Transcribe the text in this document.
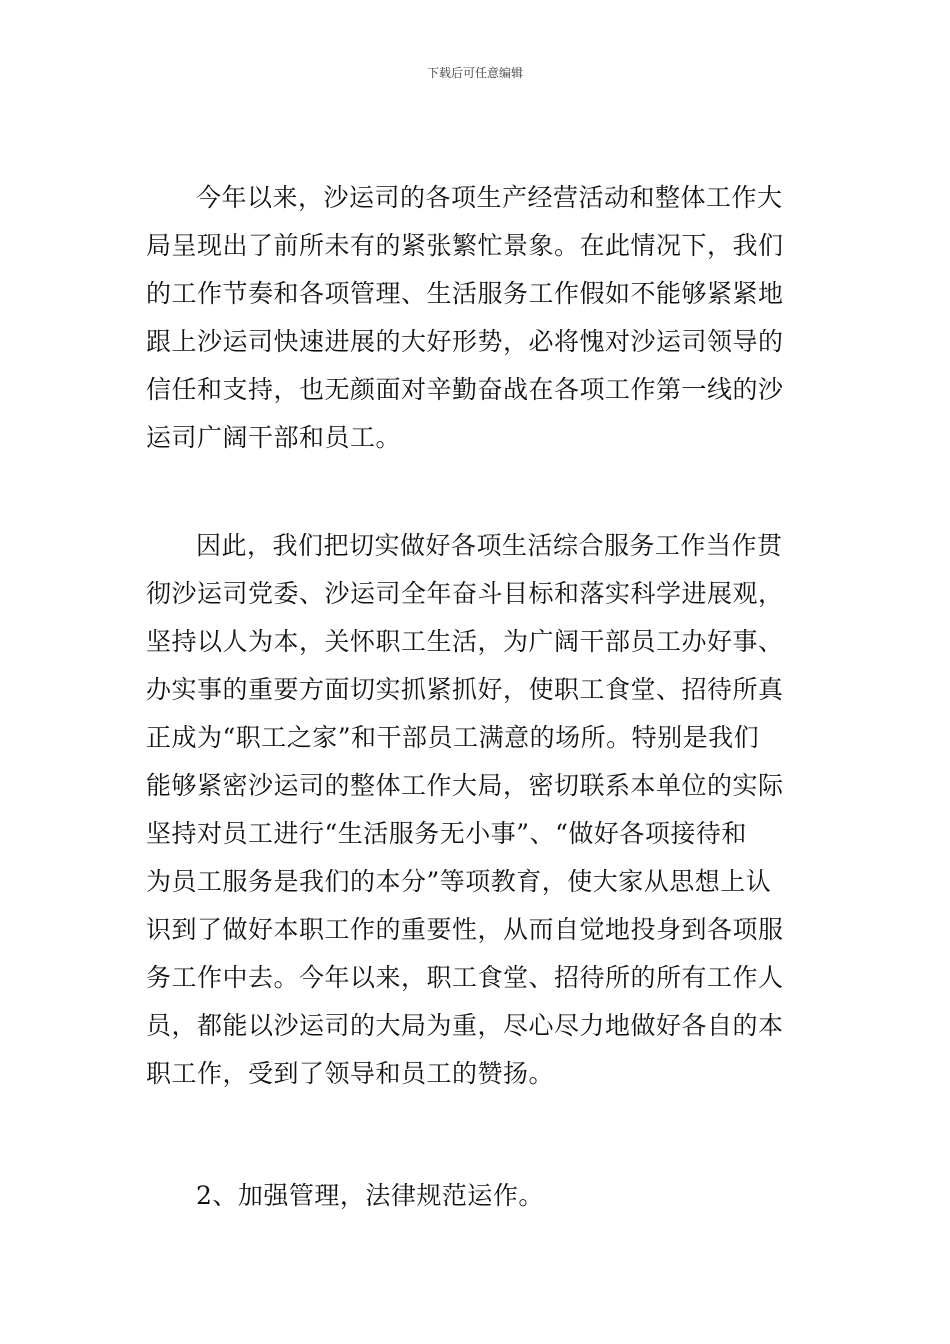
下载后可任意编辑
今年以来，沙运司的各项生产经营活动和整体工作大
局呈现出了前所未有的紧张繁忙景象。在此情况下，我们
的工作节奏和各项管理、生活服务工作假如不能够紧紧地
跟上沙运司快速进展的大好形势，必将愧对沙运司领导的
信任和支持，也无颜面对辛勤奋战在各项工作第一线的沙
运司广阔干部和员工。
因此，我们把切实做好各项生活综合服务工作当作贯
彻沙运司党委、沙运司全年奋斗目标和落实科学进展观，
坚持以人为本，关怀职工生活，为广阔干部员工办好事、
办实事的重要方面切实抓紧抓好，使职工食堂、招待所真
正成为“职工之家”和干部员工满意的场所。特别是我们
能够紧密沙运司的整体工作大局，密切联系本单位的实际
坚持对员工进行“生活服务无小事”、“做好各项接待和
为员工服务是我们的本分”等项教育，使大家从思想上认
识到了做好本职工作的重要性，从而自觉地投身到各项服
务工作中去。今年以来，职工食堂、招待所的所有工作人
员，都能以沙运司的大局为重，尽心尽力地做好各自的本
职工作，受到了领导和员工的赞扬。
2、加强管理，法律规范运作。
